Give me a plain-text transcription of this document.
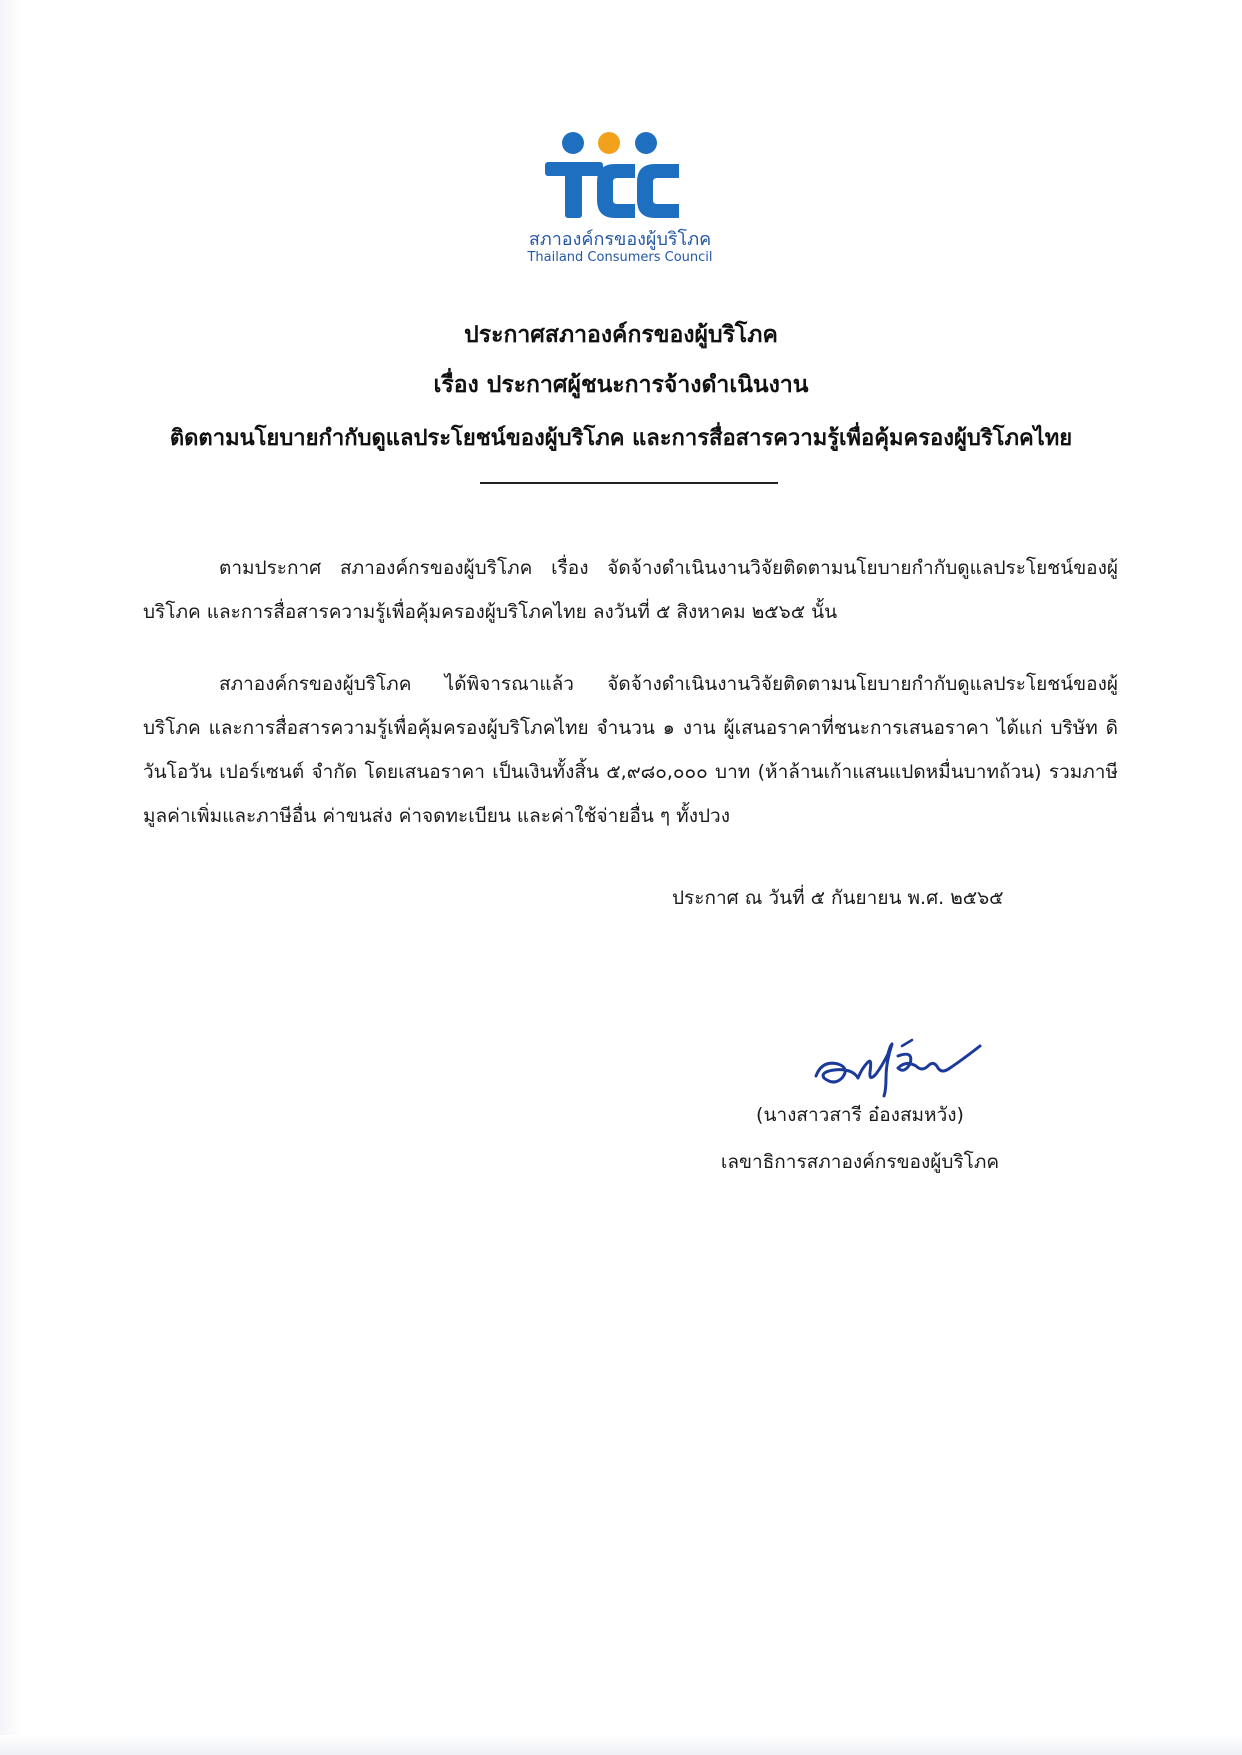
สภาองค์กรของผู้บริโภค
Thailand Consumers Council
ประกาศสภาองค์กรของผู้บริโภค
เรื่อง ประกาศผู้ชนะการจ้างดำเนินงาน
ติดตามนโยบายกำกับดูแลประโยชน์ของผู้บริโภค และการสื่อสารความรู้เพื่อคุ้มครองผู้บริโภคไทย
ตามประกาศ สภาองค์กรของผู้บริโภค เรื่อง จัดจ้างดำเนินงานวิจัยติดตามนโยบายกำกับดูแลประโยชน์ของผู้บริโภค และการสื่อสารความรู้เพื่อคุ้มครองผู้บริโภคไทย ลงวันที่ ๕ สิงหาคม ๒๕๖๕ นั้น
สภาองค์กรของผู้บริโภค ได้พิจารณาแล้ว จัดจ้างดำเนินงานวิจัยติดตามนโยบายกำกับดูแลประโยชน์ของผู้บริโภค และการสื่อสารความรู้เพื่อคุ้มครองผู้บริโภคไทย จำนวน ๑ งาน ผู้เสนอราคาที่ชนะการเสนอราคา ได้แก่ บริษัท ดิ วันโอวัน เปอร์เซนต์ จำกัด โดยเสนอราคา เป็นเงินทั้งสิ้น ๕,๙๘๐,๐๐๐ บาท (ห้าล้านเก้าแสนแปดหมื่นบาทถ้วน) รวมภาษีมูลค่าเพิ่มและภาษีอื่น ค่าขนส่ง ค่าจดทะเบียน และค่าใช้จ่ายอื่น ๆ ทั้งปวง
ประกาศ ณ วันที่ ๕ กันยายน พ.ศ. ๒๕๖๕
(นางสาวสารี อ๋องสมหวัง)
เลขาธิการสภาองค์กรของผู้บริโภค
